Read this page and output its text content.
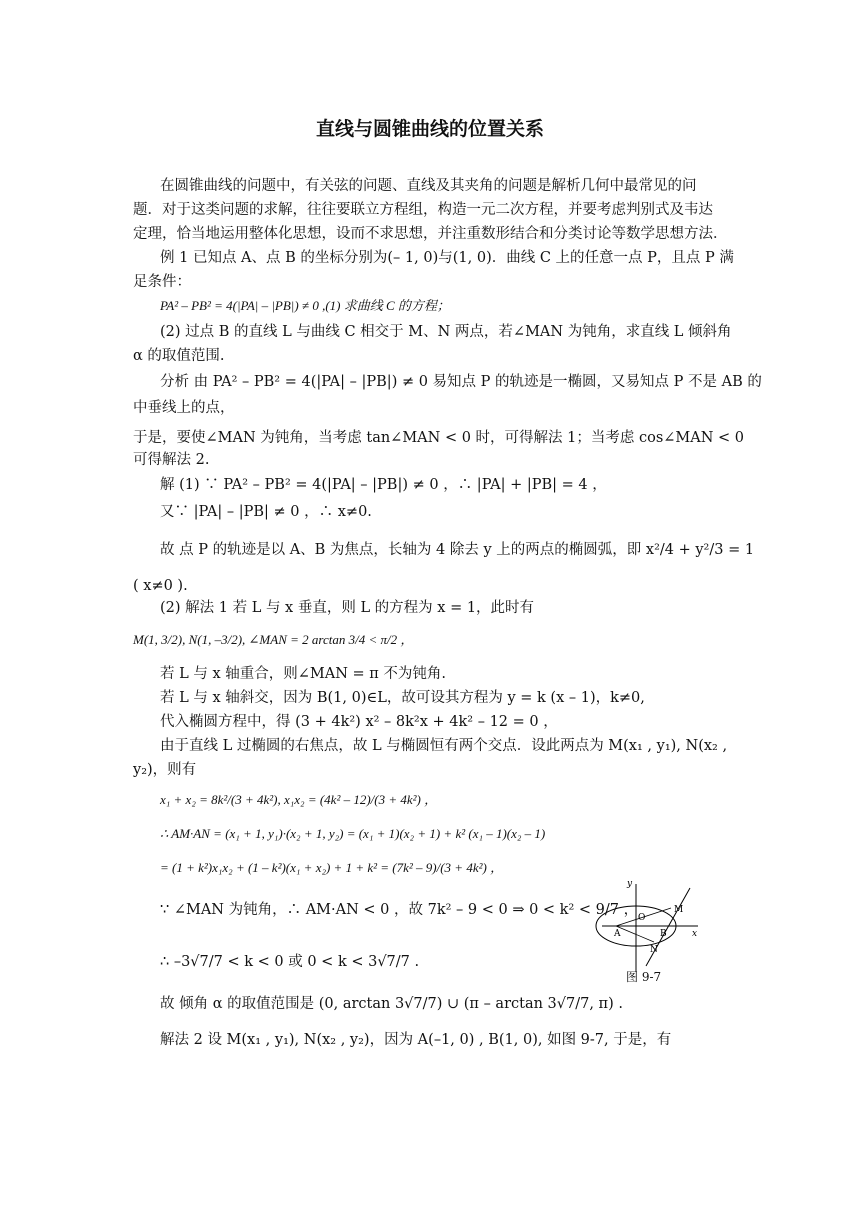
直线与圆锥曲线的位置关系
在圆锥曲线的问题中，有关弦的问题、直线及其夹角的问题是解析几何中最常见的问
题．对于这类问题的求解，往往要联立方程组，构造一元二次方程，并要考虑判别式及韦达
定理，恰当地运用整体化思想，设而不求思想，并注重数形结合和分类讨论等数学思想方法．
例 1 已知点 A、点 B 的坐标分别为(– 1, 0)与(1, 0)．曲线 C 上的任意一点 P，且点 P 满
足条件：
PA² – PB² = 4(|PA| – |PB|) ≠ 0 ,(1) 求曲线 C 的方程；
(2) 过点 B 的直线 L 与曲线 C 相交于 M、N 两点，若∠MAN 为钝角，求直线 L 倾斜角
α 的取值范围.
分析 由 PA² – PB² = 4(|PA| – |PB|) ≠ 0 易知点 P 的轨迹是一椭圆，又易知点 P 不是 AB 的
中垂线上的点，
于是，要使∠MAN 为钝角，当考虑 tan∠MAN < 0 时，可得解法 1；当考虑 cos∠MAN < 0
可得解法 2.
解 (1) ∵ PA² – PB² = 4(|PA| – |PB|) ≠ 0 ，∴ |PA| + |PB| = 4 ，
又∵ |PA| – |PB| ≠ 0 ，∴ x≠0.
故 点 P 的轨迹是以 A、B 为焦点，长轴为 4 除去 y 上的两点的椭圆弧，即 x²/4 + y²/3 = 1
( x≠0 ).
(2) 解法 1 若 L 与 x 垂直，则 L 的方程为 x = 1，此时有
M(1, 3/2), N(1, –3/2), ∠MAN = 2 arctan 3/4 < π/2 ，
若 L 与 x 轴重合，则∠MAN = π 不为钝角.
若 L 与 x 轴斜交，因为 B(1, 0)∈L，故可设其方程为 y = k (x – 1)，k≠0,
代入椭圆方程中，得 (3 + 4k²) x² – 8k²x + 4k² – 12 = 0 ，
由于直线 L 过椭圆的右焦点，故 L 与椭圆恒有两个交点．设此两点为 M(x₁ , y₁), N(x₂ ,
y₂)，则有
x₁ + x₂ = 8k²/(3 + 4k²), x₁x₂ = (4k² – 12)/(3 + 4k²) ，
∴ AM·AN = (x₁ + 1, y₁)·(x₂ + 1, y₂) = (x₁ + 1)(x₂ + 1) + k² (x₁ – 1)(x₂ – 1)
= (1 + k²)x₁x₂ + (1 – k²)(x₁ + x₂) + 1 + k² = (7k² – 9)/(3 + 4k²) ，
∵ ∠MAN 为钝角，∴ AM·AN < 0 ，故 7k² – 9 < 0 ⇒ 0 < k² < 9/7 ，
∴ –3√7/7 < k < 0 或 0 < k < 3√7/7 .
故 倾角 α 的取值范围是 (0, arctan 3√7/7) ∪ (π – arctan 3√7/7, π) .
解法 2 设 M(x₁ , y₁), N(x₂ , y₂)，因为 A(–1, 0) , B(1, 0), 如图 9-7, 于是，有
y
x
O
A	B
M
N
图 9-7
